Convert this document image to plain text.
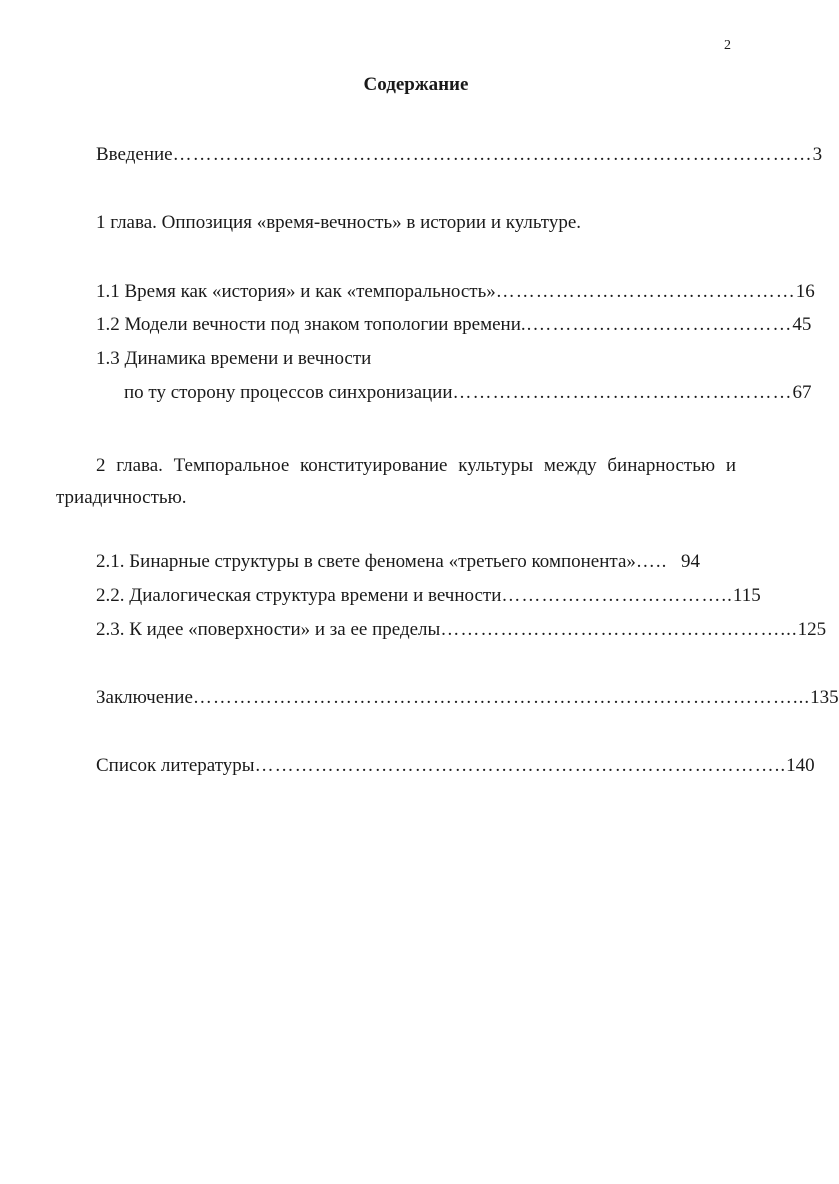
2
Содержание
Введение …………………………………………………………………………………… 3
1 глава. Оппозиция «время-вечность» в истории и культуре.
1.1 Время как «история» и как «темпоральность» ……………………………………… 16
1.2 Модели вечности под знаком топологии времени ..………………………………… 45
1.3 Динамика времени и вечности
по ту сторону процессов синхронизации …………………………………………… 67
2 глава. Темпоральное конституирование культуры между бинарностью и триадичностью.
2.1. Бинарные структуры в свете феномена «третьего компонента» ….. 94
2.2. Диалогическая структура времени и вечности …………………………….. 115
2.3. К идее «поверхности» и за ее пределы ……………………………………………... 125
Заключение ………………………………………………………………………………... 135
Список литературы …………………………………………………………………….. 140
